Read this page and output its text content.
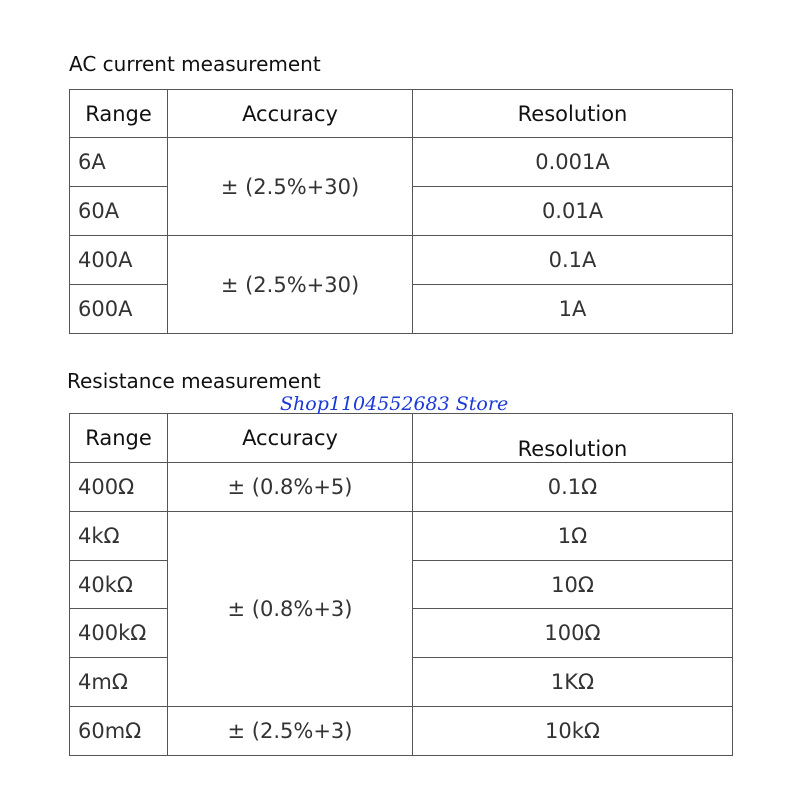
AC current measurement
Range	Accuracy	Resolution
6A	± (2.5%+30)	0.001A
60A		0.01A
400A	± (2.5%+30)	0.1A
600A		1A
Resistance measurement
Shop1104552683 Store
Range	Accuracy	Resolution
400Ω	± (0.8%+5)	0.1Ω
4kΩ	± (0.8%+3)	1Ω
40kΩ		10Ω
400kΩ		100Ω
4mΩ		1KΩ
60mΩ	± (2.5%+3)	10kΩ
